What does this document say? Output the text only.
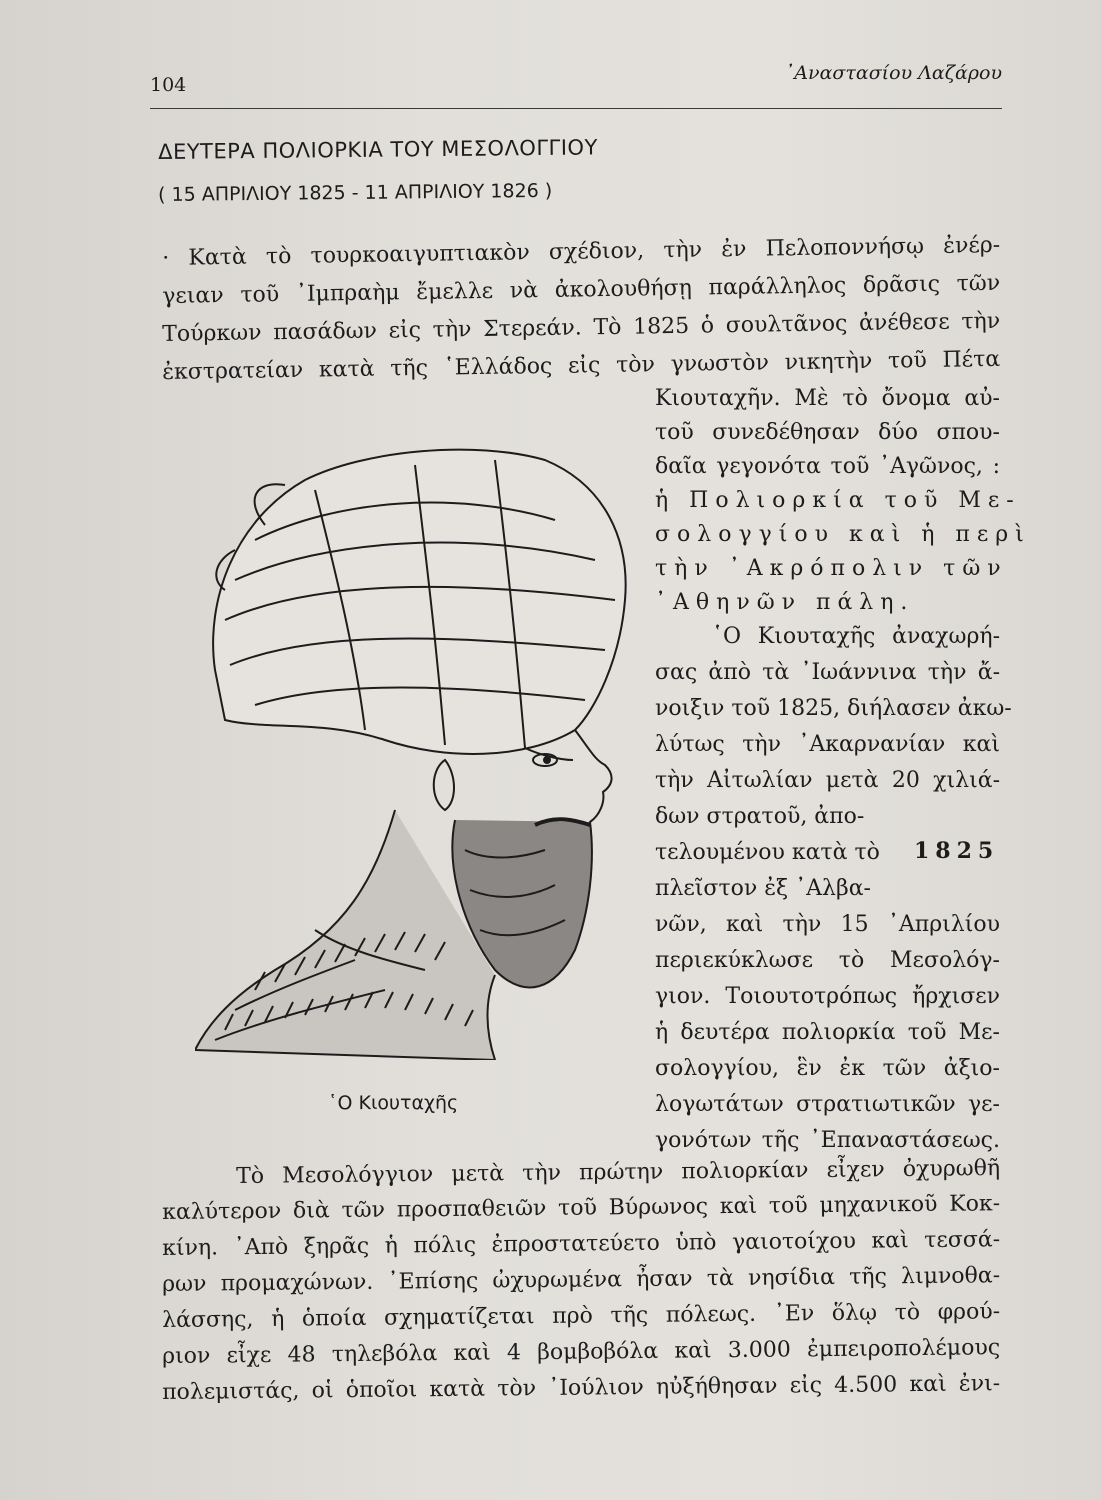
104
᾿Αναστασίου Λαζάρου
ΔΕΥΤΕΡΑ ΠΟΛΙΟΡΚΙΑ ΤΟΥ ΜΕΣΟΛΟΓΓΙΟΥ
( 15 ΑΠΡΙΛΙΟΥ 1825 - 11 ΑΠΡΙΛΙΟΥ 1826 )
· Κατὰ τὸ τουρκοαιγυπτιακὸν σχέδιον, τὴν ἐν Πελοποννήσῳ ἐνέρ-
γειαν τοῦ ᾿Ιμπραὴμ ἔμελλε νὰ ἀκολουθήσῃ παράλληλος δρᾶσις τῶν
Τούρκων πασάδων εἰς τὴν Στερεάν. Τὸ 1825 ὁ σουλτᾶνος ἀνέθεσε τὴν
ἐκστρατείαν κατὰ τῆς ῾Ελλάδος εἰς τὸν γνωστὸν νικητὴν τοῦ Πέτα
Κιουταχῆν. Μὲ τὸ ὄνομα αὐ-
τοῦ συνεδέθησαν δύο σπου-
δαῖα γεγονότα τοῦ ᾿Αγῶνος, :
ἡ Πολιορκία τοῦ Με-
σολογγίου καὶ ἡ περὶ
τὴν ᾿Ακρόπολιν τῶν
᾿Αθηνῶν πάλη.
῾Ο Κιουταχῆς ἀναχωρή-
σας ἀπὸ τὰ ᾿Ιωάννινα τὴν ἄ-
νοιξιν τοῦ 1825, διήλασεν ἀκω-
λύτως τὴν ᾿Ακαρνανίαν καὶ
τὴν Αἰτωλίαν μετὰ 20 χιλιά-
δων στρατοῦ, ἀπο-
τελουμένου κατὰ τὸ	1825
πλεῖστον ἐξ ᾿Αλβα-
νῶν, καὶ τὴν 15 ᾿Απριλίου
περιεκύκλωσε τὸ Μεσολόγ-
γιον. Τοιουτοτρόπως ἤρχισεν
ἡ δευτέρα πολιορκία τοῦ Με-
σολογγίου, ἓν ἐκ τῶν ἀξιο-
λογωτάτων στρατιωτικῶν γε-
γονότων τῆς ᾿Επαναστάσεως.
῾Ο Κιουταχῆς
Τὸ Μεσολόγγιον μετὰ τὴν πρώτην πολιορκίαν εἶχεν ὀχυρωθῆ
καλύτερον διὰ τῶν προσπαθειῶν τοῦ Βύρωνος καὶ τοῦ μηχανικοῦ Κοκ-
κίνη. ᾿Απὸ ξηρᾶς ἡ πόλις ἐπροστατεύετο ὑπὸ γαιοτοίχου καὶ τεσσά-
ρων προμαχώνων. ᾿Επίσης ὠχυρωμένα ἦσαν τὰ νησίδια τῆς λιμνοθα-
λάσσης, ἡ ὁποία σχηματίζεται πρὸ τῆς πόλεως. ᾿Εν ὅλῳ τὸ φρού-
ριον εἶχε 48 τηλεβόλα καὶ 4 βομβοβόλα καὶ 3.000 ἐμπειροπολέμους
πολεμιστάς, οἱ ὁποῖοι κατὰ τὸν ᾿Ιούλιον ηὐξήθησαν εἰς 4.500 καὶ ἐνι-
